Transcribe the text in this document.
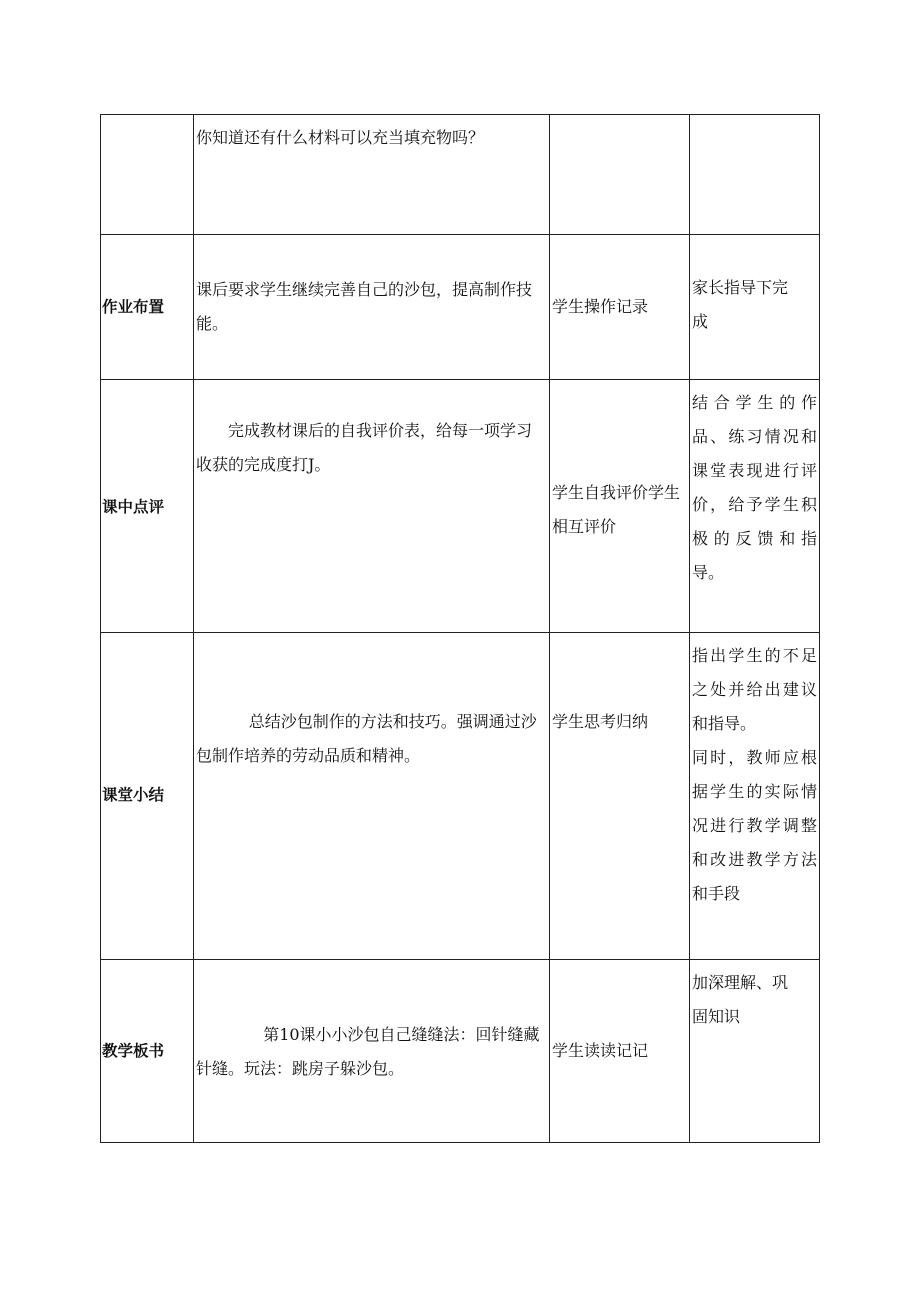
	你知道还有什么材料可以充当填充物吗？		

作业布置	课后要求学生继续完善自己的沙包，提高制作技能。	学生操作记录	家长指导下完成

课中点评	完成教材课后的自我评价表，给每一项学习收获的完成度打J。	学生自我评价学生相互评价	结合学生的作品、练习情况和课堂表现进行评价，给予学生积极的反馈和指导。

课堂小结	总结沙包制作的方法和技巧。强调通过沙包制作培养的劳动品质和精神。	学生思考归纳	指出学生的不足之处并给出建议和指导。
同时，教师应根据学生的实际情况进行教学调整和改进教学方法和手段

教学板书	第10课小小沙包自己缝缝法：回针缝藏针缝。玩法：跳房子躲沙包。	学生读读记记	加深理解、巩固知识
